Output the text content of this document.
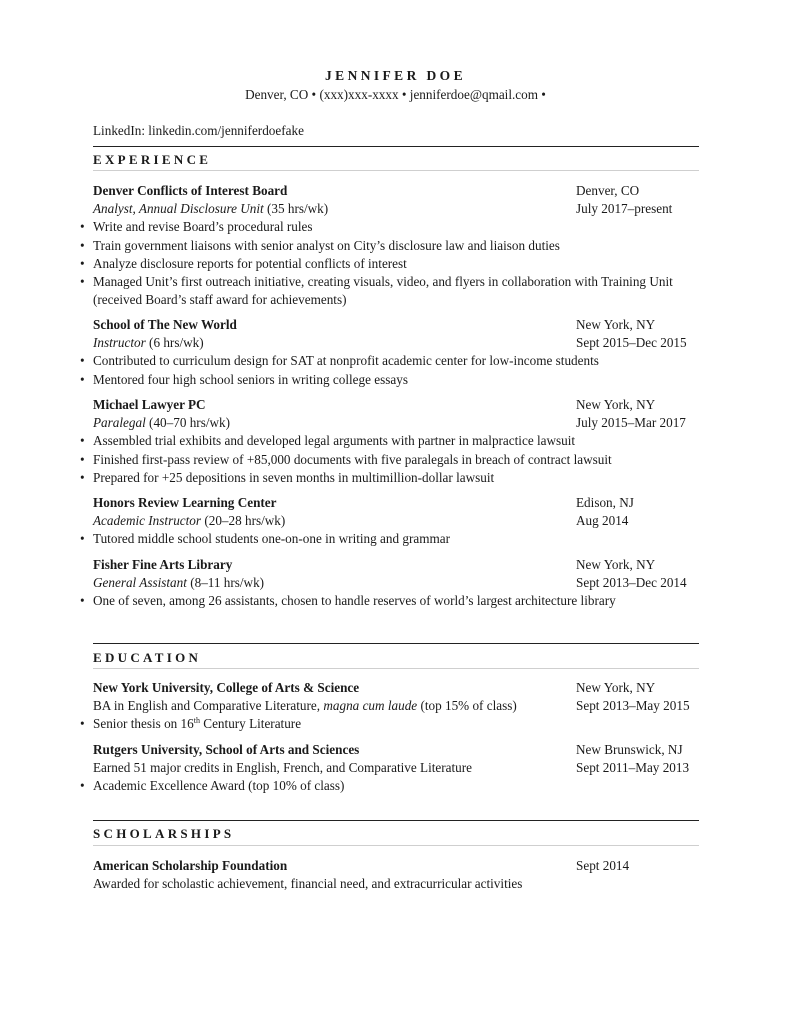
JENNIFER DOE
Denver, CO • (xxx)xxx-xxxx • jenniferdoe@qmail.com •
LinkedIn: linkedin.com/jenniferdoefake
EXPERIENCE
Denver Conflicts of Interest Board	Denver, CO
Analyst, Annual Disclosure Unit (35 hrs/wk)	July 2017–present
• Write and revise Board’s procedural rules
• Train government liaisons with senior analyst on City’s disclosure law and liaison duties
• Analyze disclosure reports for potential conflicts of interest
• Managed Unit’s first outreach initiative, creating visuals, video, and flyers in collaboration with Training Unit (received Board’s staff award for achievements)
School of The New World	New York, NY
Instructor (6 hrs/wk)	Sept 2015–Dec 2015
• Contributed to curriculum design for SAT at nonprofit academic center for low-income students
• Mentored four high school seniors in writing college essays
Michael Lawyer PC	New York, NY
Paralegal (40–70 hrs/wk)	July 2015–Mar 2017
• Assembled trial exhibits and developed legal arguments with partner in malpractice lawsuit
• Finished first-pass review of +85,000 documents with five paralegals in breach of contract lawsuit
• Prepared for +25 depositions in seven months in multimillion-dollar lawsuit
Honors Review Learning Center	Edison, NJ
Academic Instructor (20–28 hrs/wk)	Aug 2014
• Tutored middle school students one-on-one in writing and grammar
Fisher Fine Arts Library	New York, NY
General Assistant (8–11 hrs/wk)	Sept 2013–Dec 2014
• One of seven, among 26 assistants, chosen to handle reserves of world’s largest architecture library
EDUCATION
New York University, College of Arts & Science	New York, NY
BA in English and Comparative Literature, magna cum laude (top 15% of class)	Sept 2013–May 2015
• Senior thesis on 16th Century Literature
Rutgers University, School of Arts and Sciences	New Brunswick, NJ
Earned 51 major credits in English, French, and Comparative Literature	Sept 2011–May 2013
• Academic Excellence Award (top 10% of class)
SCHOLARSHIPS
American Scholarship Foundation	Sept 2014
Awarded for scholastic achievement, financial need, and extracurricular activities
